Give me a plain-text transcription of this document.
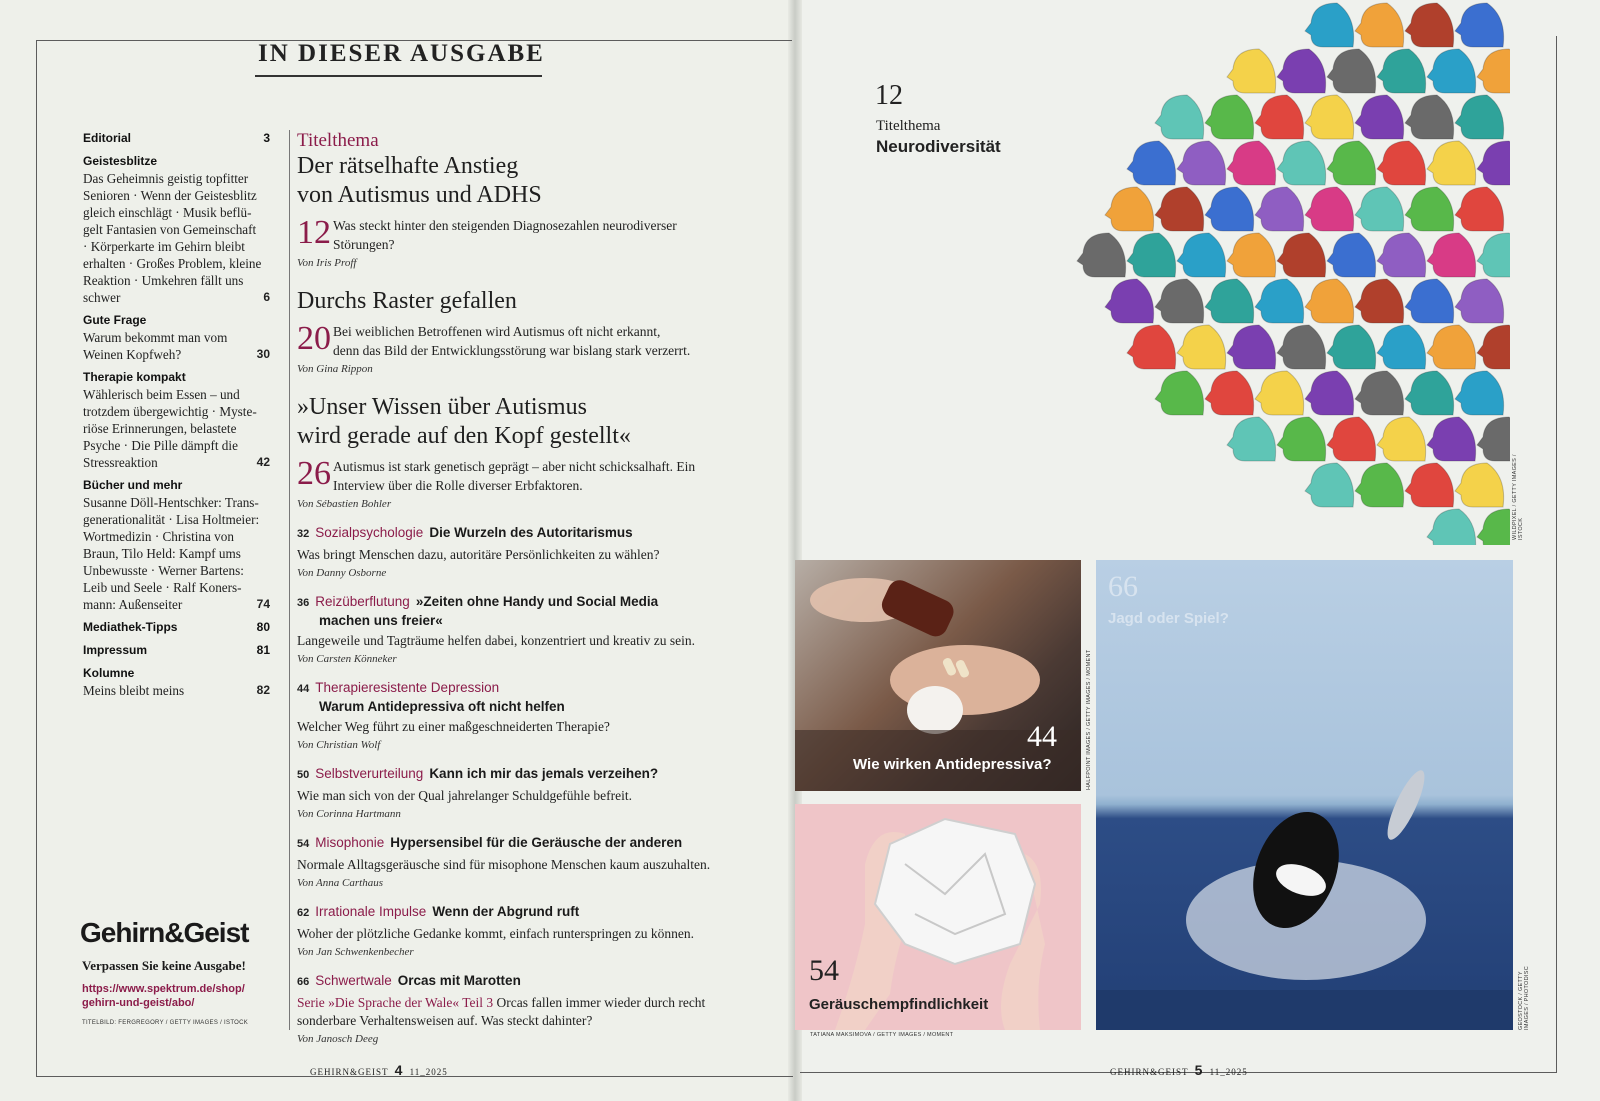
IN DIESER AUSGABE
Editorial	3
Geistesblitze
Das Geheimnis geistig topfitter
Senioren · Wenn der Geistesblitz
gleich einschlägt · Musik beflü-
gelt Fantasien von Gemeinschaft
· Körperkarte im Gehirn bleibt
erhalten · Großes Problem, kleine
Reaktion · Umkehren fällt uns
schwer	6
Gute Frage
Warum bekommt man vom
Weinen Kopfweh?	30
Therapie kompakt
Wählerisch beim Essen – und
trotzdem übergewichtig · Myste-
riöse Erinnerungen, belastete
Psyche · Die Pille dämpft die
Stressreaktion	42
Bücher und mehr
Susanne Döll-Hentschker: Trans-
generationalität · Lisa Holtmeier:
Wortmedizin · Christina von
Braun, Tilo Held: Kampf ums
Unbewusste · Werner Bartens:
Leib und Seele · Ralf Koners-
mann: Außenseiter	74
Mediathek-Tipps	80
Impressum	81
Kolumne
Meins bleibt meins	82
Gehirn&Geist
Verpassen Sie keine Ausgabe!
https://www.spektrum.de/shop/
gehirn-und-geist/abo/
TITELBILD: FERGREGORY / GETTY IMAGES / ISTOCK
Titelthema
Der rätselhafte Anstieg
von Autismus und ADHS
12 Was steckt hinter den steigenden Diagnosezahlen neurodiverser
Störungen?
Von Iris Proff
Durchs Raster gefallen
20 Bei weiblichen Betroffenen wird Autismus oft nicht erkannt,
denn das Bild der Entwicklungsstörung war bislang stark verzerrt.
Von Gina Rippon
»Unser Wissen über Autismus
wird gerade auf den Kopf gestellt«
26 Autismus ist stark genetisch geprägt – aber nicht schicksalhaft. Ein
Interview über die Rolle diverser Erbfaktoren.
Von Sébastien Bohler
32 Sozialpsychologie Die Wurzeln des Autoritarismus
Was bringt Menschen dazu, autoritäre Persönlichkeiten zu wählen?
Von Danny Osborne
36 Reizüberflutung »Zeiten ohne Handy und Social Media
machen uns freier«
Langeweile und Tagträume helfen dabei, konzentriert und kreativ zu sein.
Von Carsten Könneker
44 Therapieresistente Depression
Warum Antidepressiva oft nicht helfen
Welcher Weg führt zu einer maßgeschneiderten Therapie?
Von Christian Wolf
50 Selbstverurteilung Kann ich mir das jemals verzeihen?
Wie man sich von der Qual jahrelanger Schuldgefühle befreit.
Von Corinna Hartmann
54 Misophonie Hypersensibel für die Geräusche der anderen
Normale Alltagsgeräusche sind für misophone Menschen kaum auszuhalten.
Von Anna Carthaus
62 Irrationale Impulse Wenn der Abgrund ruft
Woher der plötzliche Gedanke kommt, einfach runterspringen zu können.
Von Jan Schwenkenbecher
66 Schwertwale Orcas mit Marotten
Serie »Die Sprache der Wale« Teil 3 Orcas fallen immer wieder durch recht
sonderbare Verhaltensweisen auf. Was steckt dahinter?
Von Janosch Deeg
GEHIRN&GEIST 4 11_2025	GEHIRN&GEIST 5 11_2025
12
Titelthema
Neurodiversität
WILDPIXEL / GETTY IMAGES / ISTOCK
44
Wie wirken Antidepressiva?	HALFPOINT IMAGES / GETTY IMAGES / MOMENT
54
Geräuschempfindlichkeit
TATIANA MAKSIMOVA / GETTY IMAGES / MOMENT
66
Jagd oder Spiel?
GEOSTOCK / GETTY IMAGES / PHOTODISC
